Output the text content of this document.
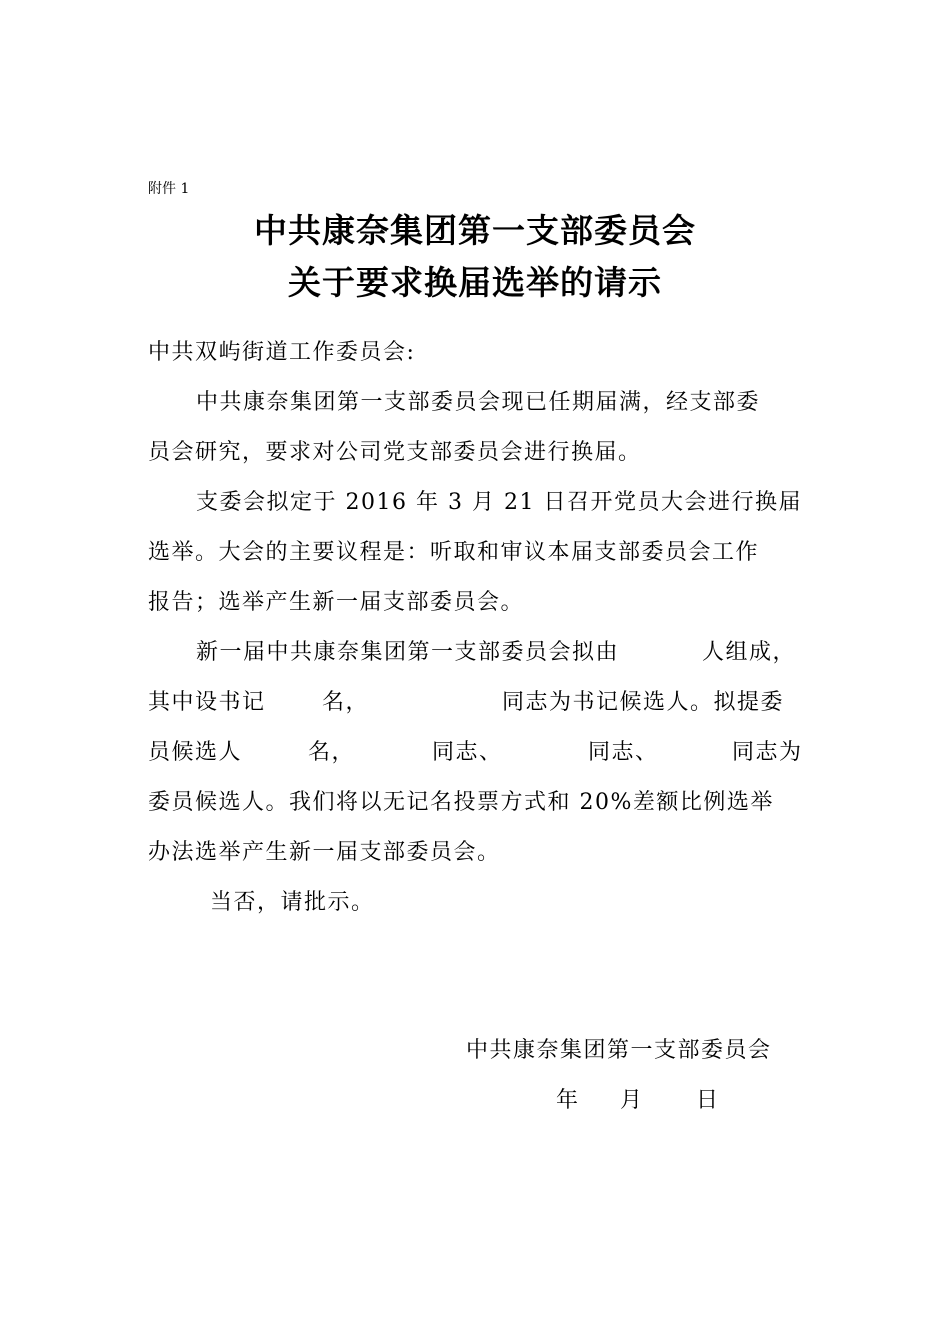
附件 1
中共康奈集团第一支部委员会
关于要求换届选举的请示
中共双屿街道工作委员会:
中共康奈集团第一支部委员会现已任期届满，经支部委
员会研究，要求对公司党支部委员会进行换届。
支委会拟定于 2016 年 3 月 21 日召开党员大会进行换届
选举。大会的主要议程是：听取和审议本届支部委员会工作
报告；选举产生新一届支部委员会。
新一届中共康奈集团第一支部委员会拟由	人组成，
其中设书记	名，	同志为书记候选人。拟提委
员候选人	名，	同志、	同志、	同志为
委员候选人。我们将以无记名投票方式和 20%差额比例选举
办法选举产生新一届支部委员会。
当否，请批示。
中共康奈集团第一支部委员会
年 月 日
